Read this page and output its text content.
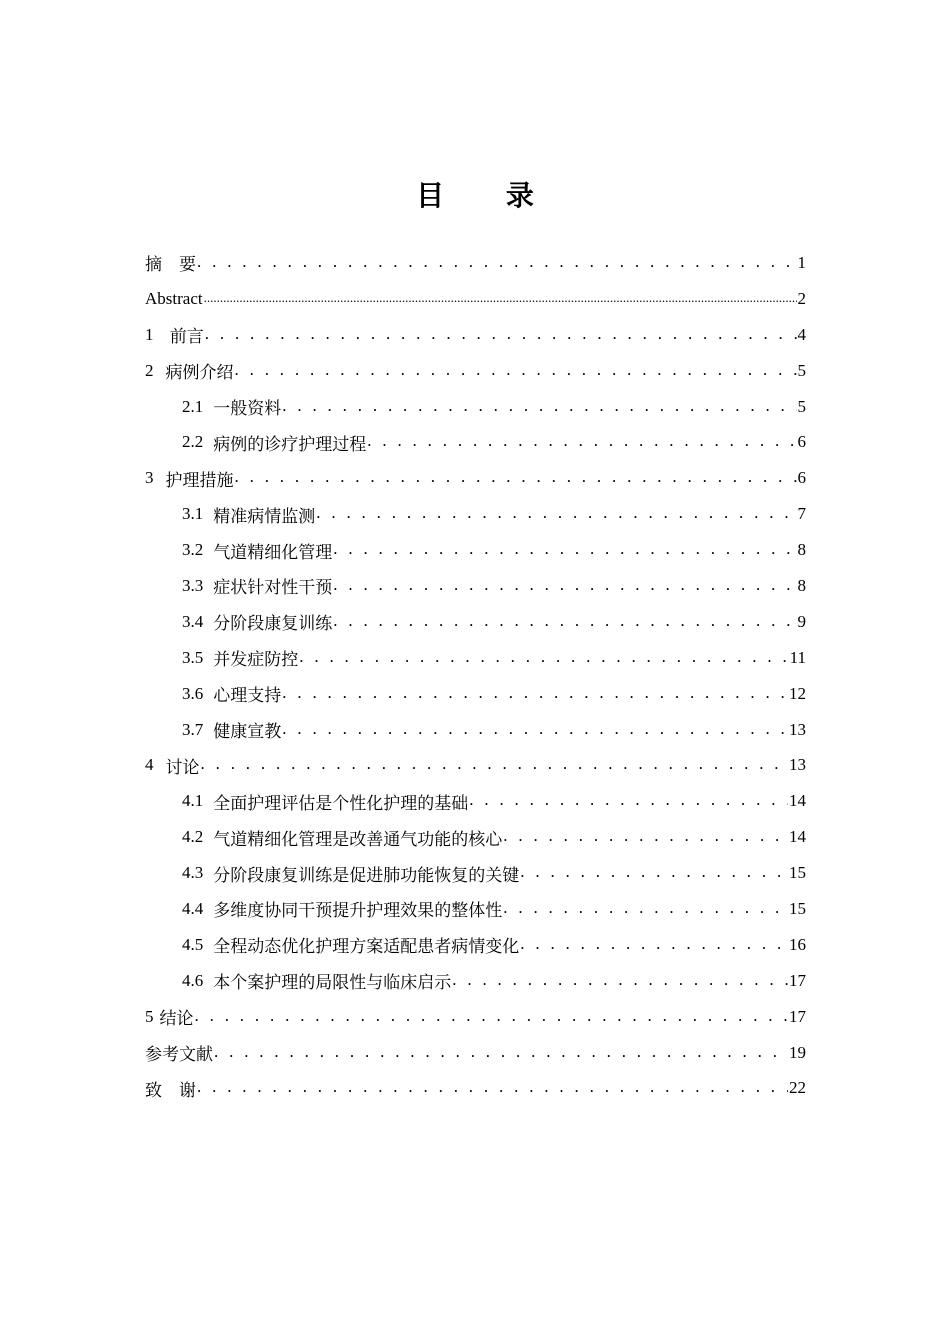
目 录
摘    要 . . .	1
Abstract .....	2
1 前言 . . .	4
2 病例介绍 . . .	5
2.1 一般资料 . . .	5
2.2 病例的诊疗护理过程 . . .	6
3 护理措施 . . .	6
3.1 精准病情监测 . . .	7
3.2 气道精细化管理 . . .	8
3.3 症状针对性干预 . . .	8
3.4 分阶段康复训练 . . .	9
3.5 并发症防控 . . .	11
3.6 心理支持 . . .	12
3.7 健康宣教 . . .	13
4 讨论 . . .	13
4.1 全面护理评估是个性化护理的基础 . . .	14
4.2 气道精细化管理是改善通气功能的核心 . . .	14
4.3 分阶段康复训练是促进肺功能恢复的关键 . . .	15
4.4 多维度协同干预提升护理效果的整体性 . . .	15
4.5 全程动态优化护理方案适配患者病情变化 . . .	16
4.6 本个案护理的局限性与临床启示 . . .	17
5 结论 . . .	17
参考文献 . . .	19
致    谢 . . .	22
